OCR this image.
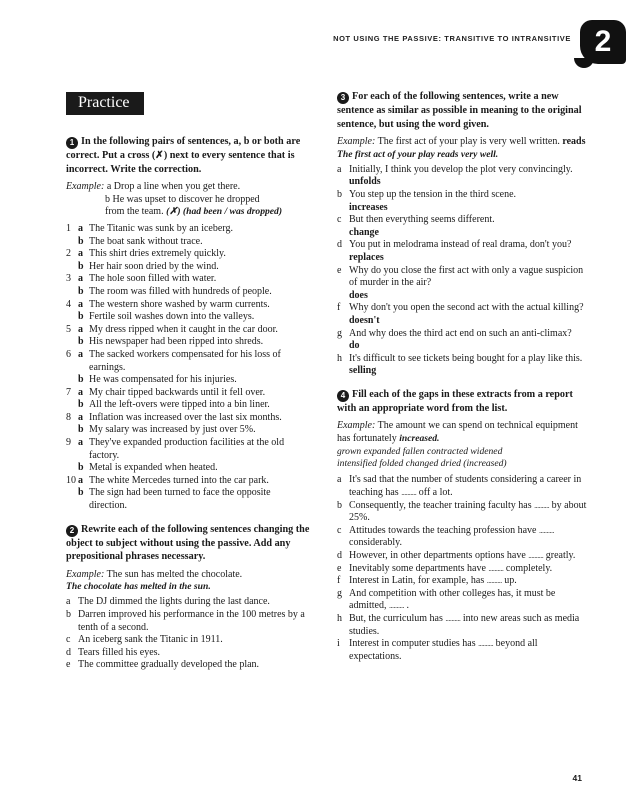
NOT USING THE PASSIVE: TRANSITIVE TO INTRANSITIVE 2
Practice
1 In the following pairs of sentences, a, b or both are correct. Put a cross (✗) next to every sentence that is incorrect. Write the correction.
Example: a Drop a line when you get there.
b He was upset to discover he dropped
from the team. (✗) (had been / was dropped)
1 a The Titanic was sunk by an iceberg.
b The boat sank without trace.
2 a This shirt dries extremely quickly.
b Her hair soon dried by the wind.
3 a The hole soon filled with water.
b The room was filled with hundreds of people.
4 a The western shore washed by warm currents.
b Fertile soil washes down into the valleys.
5 a My dress ripped when it caught in the car door.
b His newspaper had been ripped into shreds.
6 a The sacked workers compensated for his loss of earnings.
b He was compensated for his injuries.
7 a My chair tipped backwards until it fell over.
b All the left-overs were tipped into a bin liner.
8 a Inflation was increased over the last six months.
b My salary was increased by just over 5%.
9 a They've expanded production facilities at the old factory.
b Metal is expanded when heated.
10 a The white Mercedes turned into the car park.
b The sign had been turned to face the opposite direction.
2 Rewrite each of the following sentences changing the object to subject without using the passive. Add any prepositional phrases necessary.
Example: The sun has melted the chocolate.
The chocolate has melted in the sun.
a The DJ dimmed the lights during the last dance.
b Darren improved his performance in the 100 metres by a tenth of a second.
c An iceberg sank the Titanic in 1911.
d Tears filled his eyes.
e The committee gradually developed the plan.
3 For each of the following sentences, write a new sentence as similar as possible in meaning to the original sentence, but using the word given.
Example: The first act of your play is very well written. reads
The first act of your play reads very well.
a Initially, I think you develop the plot very convincingly.
unfolds
b You step up the tension in the third scene.
increases
c But then everything seems different.
change
d You put in melodrama instead of real drama, don't you?
replaces
e Why do you close the first act with only a vague suspicion of murder in the air?
does
f Why don't you open the second act with the actual killing?
doesn't
g And why does the third act end on such an anti-climax?
do
h It's difficult to see tickets being bought for a play like this.
selling
4 Fill each of the gaps in these extracts from a report with an appropriate word from the list.
Example: The amount we can spend on technical equipment has fortunately increased.
grown expanded fallen contracted widened
intensified folded changed dried (increased)
a It's sad that the number of students considering a career in teaching has .......... off a lot.
b Consequently, the teacher training faculty has .......... by about 25%.
c Attitudes towards the teaching profession have .......... considerably.
d However, in other departments options have .......... greatly.
e Inevitably some departments have .......... completely.
f Interest in Latin, for example, has .......... up.
g And competition with other colleges has, it must be admitted, .......... .
h But, the curriculum has .......... into new areas such as media studies.
i Interest in computer studies has .......... beyond all expectations.
41
